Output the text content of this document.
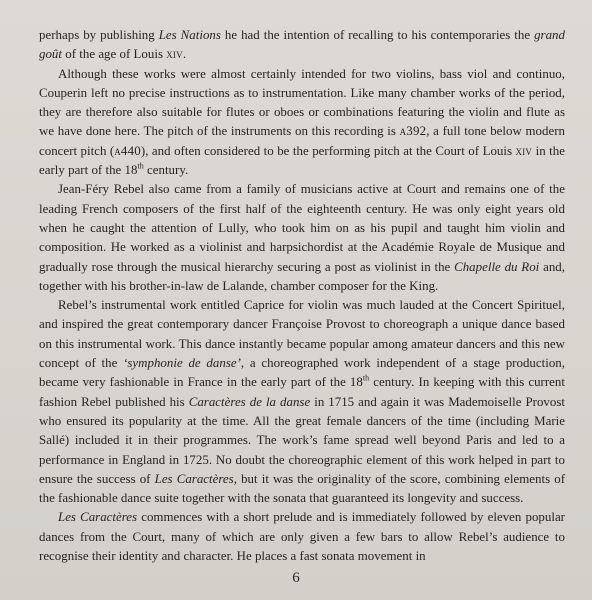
perhaps by publishing Les Nations he had the intention of recalling to his contemporaries the grand goût of the age of Louis xiv.

Although these works were almost certainly intended for two violins, bass viol and continuo, Couperin left no precise instructions as to instrumentation. Like many chamber works of the period, they are therefore also suitable for flutes or oboes or combinations featuring the violin and flute as we have done here. The pitch of the instruments on this recording is a392, a full tone below modern concert pitch (a440), and often considered to be the performing pitch at the Court of Louis xiv in the early part of the 18th century.

Jean-Féry Rebel also came from a family of musicians active at Court and remains one of the leading French composers of the first half of the eighteenth century. He was only eight years old when he caught the attention of Lully, who took him on as his pupil and taught him violin and composition. He worked as a violinist and harpsichordist at the Académie Royale de Musique and gradually rose through the musical hierarchy securing a post as violinist in the Chapelle du Roi and, together with his brother-in-law de Lalande, chamber composer for the King.

Rebel’s instrumental work entitled Caprice for violin was much lauded at the Concert Spirituel, and inspired the great contemporary dancer Françoise Provost to choreograph a unique dance based on this instrumental work. This dance instantly became popular among amateur dancers and this new concept of the ‘symphonie de danse’, a choreographed work independent of a stage production, became very fashionable in France in the early part of the 18th century. In keeping with this current fashion Rebel published his Caractères de la danse in 1715 and again it was Mademoiselle Provost who ensured its popularity at the time. All the great female dancers of the time (including Marie Sallé) included it in their programmes. The work’s fame spread well beyond Paris and led to a performance in England in 1725. No doubt the choreographic element of this work helped in part to ensure the success of Les Caractères, but it was the originality of the score, combining elements of the fashionable dance suite together with the sonata that guaranteed its longevity and success.

Les Caractères commences with a short prelude and is immediately followed by eleven popular dances from the Court, many of which are only given a few bars to allow Rebel’s audience to recognise their identity and character. He places a fast sonata movement in

6
